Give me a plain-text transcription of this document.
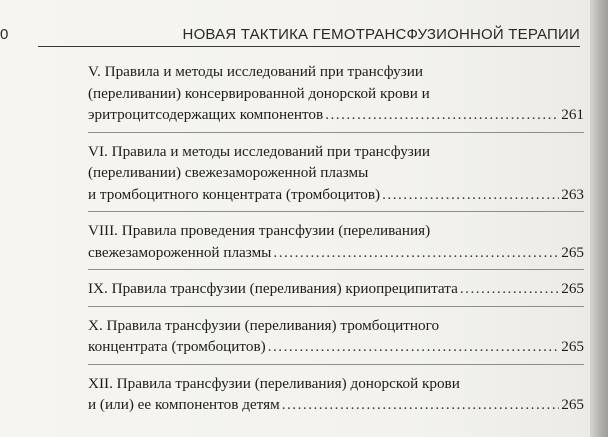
0	НОВАЯ ТАКТИКА ГЕМОТРАНСФУЗИОННОЙ ТЕРАПИИ
V. Правила и методы исследований при трансфузии
(переливании) консервированной донорской крови и
эритроцитсодержащих компонентов .....	261
VI. Правила и методы исследований при трансфузии
(переливании) свежезамороженной плазмы
и тромбоцитного концентрата (тромбоцитов) .....	263
VIII. Правила проведения трансфузии (переливания)
свежезамороженной плазмы .....	265
IX. Правила трансфузии (переливания) криопреципитата .....	265
X. Правила трансфузии (переливания) тромбоцитного
концентрата (тромбоцитов) .....	265
XII. Правила трансфузии (переливания) донорской крови
и (или) ее компонентов детям .....	265
